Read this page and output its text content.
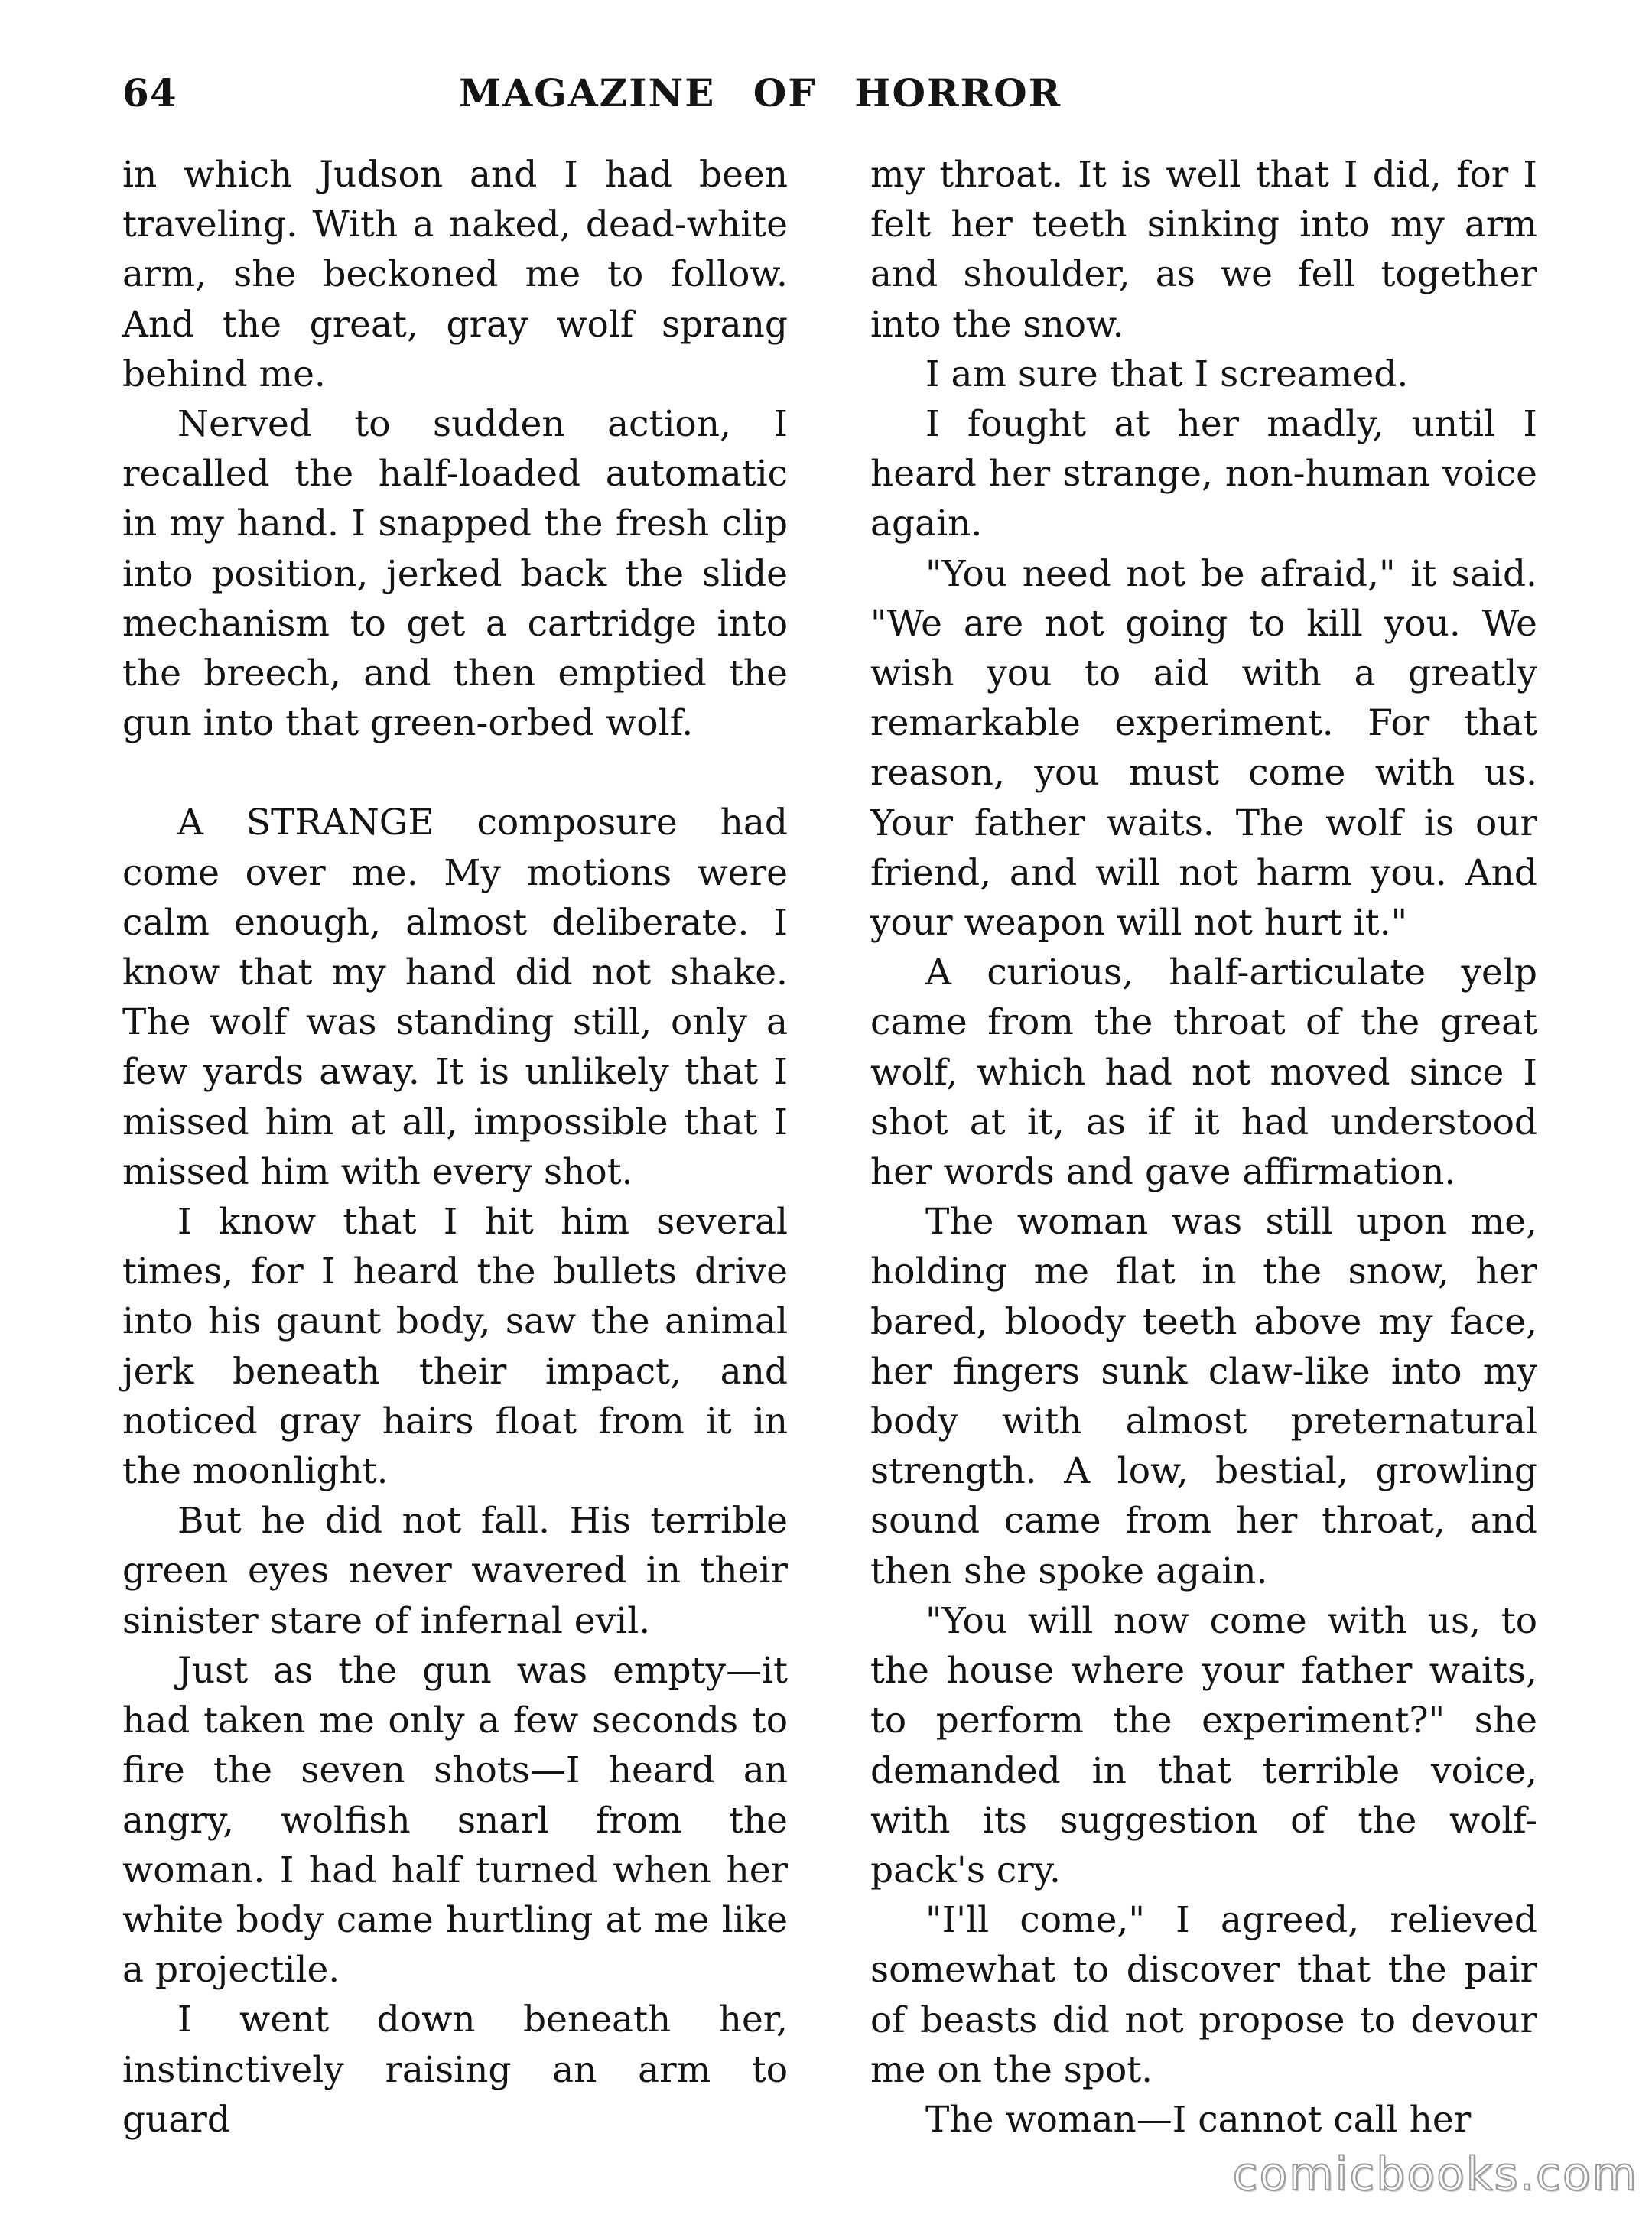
64	MAGAZINE OF HORROR

in which Judson and I had been traveling. With a naked, dead-white arm, she beckoned me to follow. And the great, gray wolf sprang behind me.

Nerved to sudden action, I recalled the half-loaded automatic in my hand. I snapped the fresh clip into position, jerked back the slide mechanism to get a cartridge into the breech, and then emptied the gun into that green-orbed wolf.

A STRANGE composure had come over me. My motions were calm enough, almost deliberate. I know that my hand did not shake. The wolf was standing still, only a few yards away. It is unlikely that I missed him at all, impossible that I missed him with every shot.

I know that I hit him several times, for I heard the bullets drive into his gaunt body, saw the animal jerk beneath their impact, and noticed gray hairs float from it in the moonlight.

But he did not fall. His terrible green eyes never wavered in their sinister stare of infernal evil.

Just as the gun was empty—it had taken me only a few seconds to fire the seven shots—I heard an angry, wolfish snarl from the woman. I had half turned when her white body came hurtling at me like a projectile.

I went down beneath her, instinctively raising an arm to guard

my throat. It is well that I did, for I felt her teeth sinking into my arm and shoulder, as we fell together into the snow.

I am sure that I screamed.

I fought at her madly, until I heard her strange, non-human voice again.

"You need not be afraid," it said. "We are not going to kill you. We wish you to aid with a greatly remarkable experiment. For that reason, you must come with us. Your father waits. The wolf is our friend, and will not harm you. And your weapon will not hurt it."

A curious, half-articulate yelp came from the throat of the great wolf, which had not moved since I shot at it, as if it had understood her words and gave affirmation.

The woman was still upon me, holding me flat in the snow, her bared, bloody teeth above my face, her fingers sunk claw-like into my body with almost preternatural strength. A low, bestial, growling sound came from her throat, and then she spoke again.

"You will now come with us, to the house where your father waits, to perform the experiment?" she demanded in that terrible voice, with its suggestion of the wolf-pack's cry.

"I'll come," I agreed, relieved somewhat to discover that the pair of beasts did not propose to devour me on the spot.

The woman—I cannot call her

comicbooks.com
